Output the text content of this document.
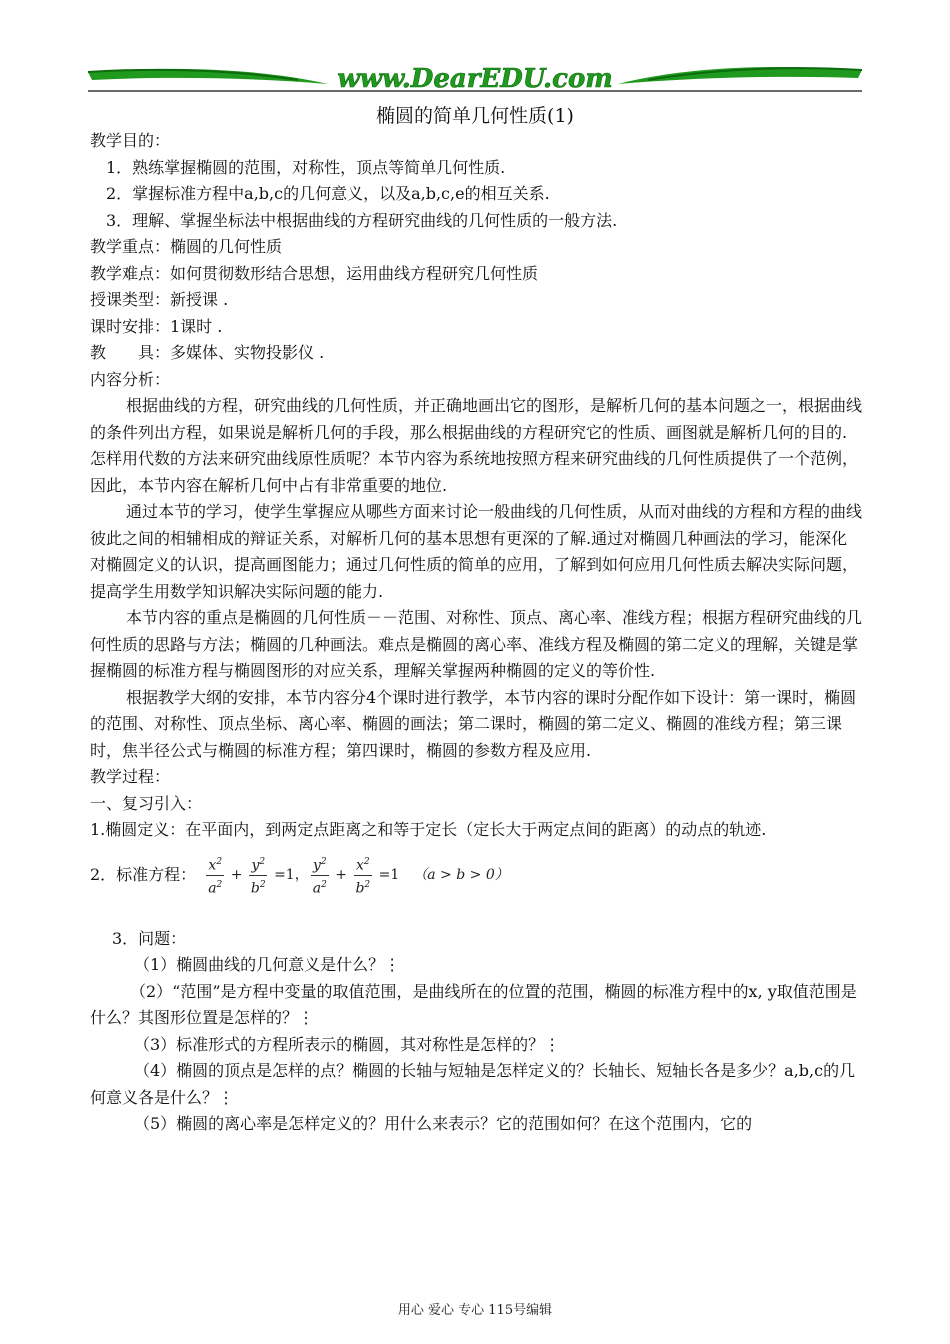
www.DearEDU.com
椭圆的简单几何性质(1)

教学目的：

1．熟练掌握椭圆的范围，对称性，顶点等简单几何性质.

2．掌握标准方程中a,b,c的几何意义，以及a,b,c,e的相互关系.

3．理解、掌握坐标法中根据曲线的方程研究曲线的几何性质的一般方法.

教学重点：椭圆的几何性质

教学难点：如何贯彻数形结合思想，运用曲线方程研究几何性质

授课类型：新授课 .

课时安排：1课时 .

教　　具：多媒体、实物投影仪 .

内容分析：

根据曲线的方程，研究曲线的几何性质，并正确地画出它的图形，是解析几何的基本问题之一，根据曲线的条件列出方程，如果说是解析几何的手段，那么根据曲线的方程研究它的性质、画图就是解析几何的目的. 怎样用代数的方法来研究曲线原性质呢？本节内容为系统地按照方程来研究曲线的几何性质提供了一个范例，因此，本节内容在解析几何中占有非常重要的地位.

通过本节的学习，使学生掌握应从哪些方面来讨论一般曲线的几何性质，从而对曲线的方程和方程的曲线彼此之间的相辅相成的辩证关系，对解析几何的基本思想有更深的了解.通过对椭圆几种画法的学习，能深化对椭圆定义的认识，提高画图能力；通过几何性质的简单的应用，了解到如何应用几何性质去解决实际问题，提高学生用数学知识解决实际问题的能力.

本节内容的重点是椭圆的几何性质－－范围、对称性、顶点、离心率、准线方程；根据方程研究曲线的几何性质的思路与方法；椭圆的几种画法。难点是椭圆的离心率、准线方程及椭圆的第二定义的理解，关键是掌握椭圆的标准方程与椭圆图形的对应关系，理解关掌握两种椭圆的定义的等价性.

根据教学大纲的安排，本节内容分4个课时进行教学，本节内容的课时分配作如下设计：第一课时，椭圆的范围、对称性、顶点坐标、离心率、椭圆的画法；第二课时，椭圆的第二定义、椭圆的准线方程；第三课时，焦半径公式与椭圆的标准方程；第四课时，椭圆的参数方程及应用.

教学过程：

一、复习引入：

1.椭圆定义：在平面内，到两定点距离之和等于定长（定长大于两定点间的距离）的动点的轨迹.

2．标准方程： $\frac{x^2}{a^2} + \frac{y^2}{b^2} =1$， $\frac{y^2}{a^2} + \frac{x^2}{b^2} =1$ （a > b > 0）

3．问题：

（1）椭圆曲线的几何意义是什么？⋮

（2）“范围”是方程中变量的取值范围，是曲线所在的位置的范围，椭圆的标准方程中的x, y取值范围是什么？其图形位置是怎样的？⋮

（3）标准形式的方程所表示的椭圆，其对称性是怎样的？⋮

（4）椭圆的顶点是怎样的点？椭圆的长轴与短轴是怎样定义的？长轴长、短轴长各是多少？a,b,c的几何意义各是什么？⋮

（5）椭圆的离心率是怎样定义的？用什么来表示？它的范围如何？在这个范围内，它的

用心 爱心 专心 115号编辑
